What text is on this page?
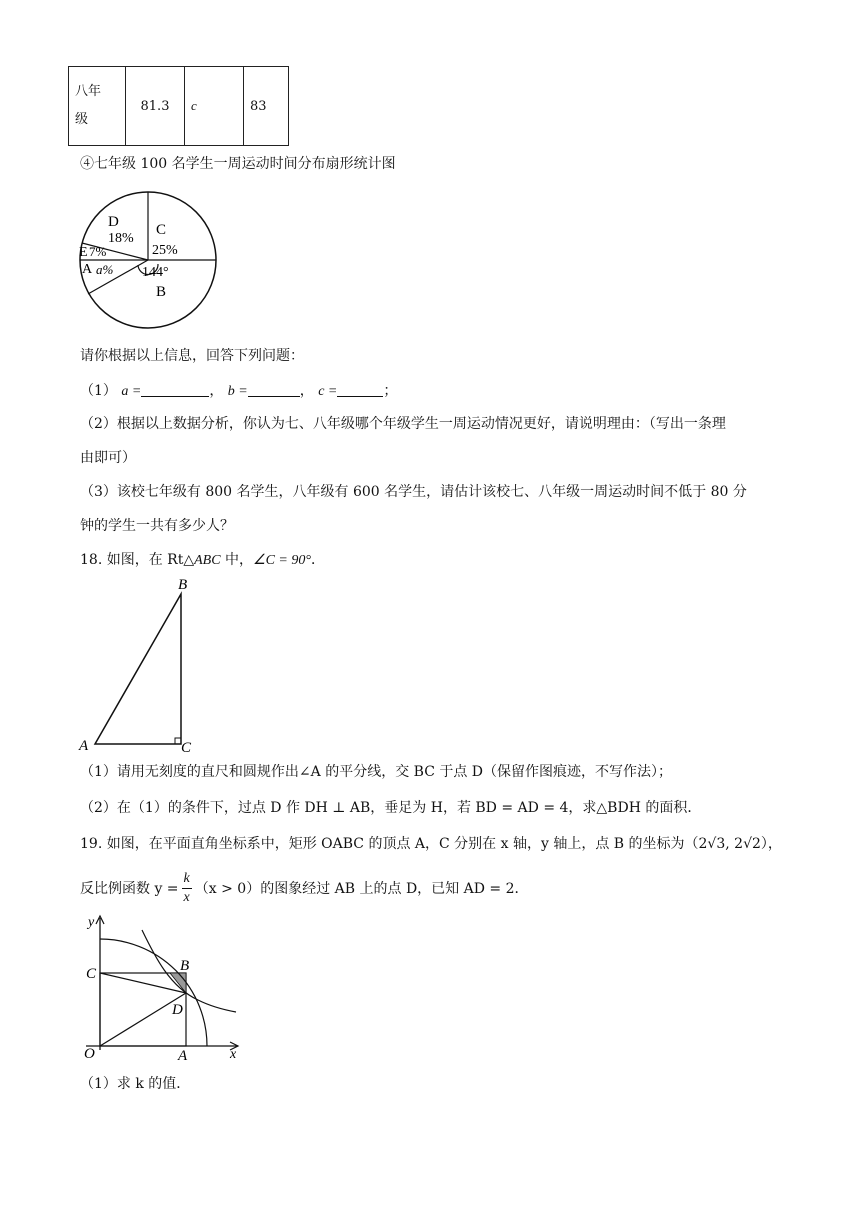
八年
级	81.3	c	83
④七年级 100 名学生一周运动时间分布扇形统计图
C
25%
D
18%
E 7%
A a% 144°
B
请你根据以上信息，回答下列问题：
（1） a =	， b =	， c =	；
（2）根据以上数据分析，你认为七、八年级哪个年级学生一周运动情况更好，请说明理由：（写出一条理
由即可）
（3）该校七年级有 800 名学生，八年级有 600 名学生，请估计该校七、八年级一周运动时间不低于 80 分
钟的学生一共有多少人？
18. 如图，在 Rt△ABC 中，∠C = 90°．
B
A	C
（1）请用无刻度的直尺和圆规作出∠A 的平分线，交 BC 于点 D（保留作图痕迹，不写作法）；
（2）在（1）的条件下，过点 D 作 DH ⊥ AB，垂足为 H，若 BD = AD = 4，求△BDH 的面积．
19. 如图，在平面直角坐标系中，矩形 OABC 的顶点 A，C 分别在 x 轴，y 轴上，点 B 的坐标为（2√3, 2√2），
反比例函数 $y = \frac{k}{x} (x > 0)$ 的图象经过 AB 上的点 D，已知 AD = 2．
y
x
O	A
B
C
D
（1）求 k 的值．
